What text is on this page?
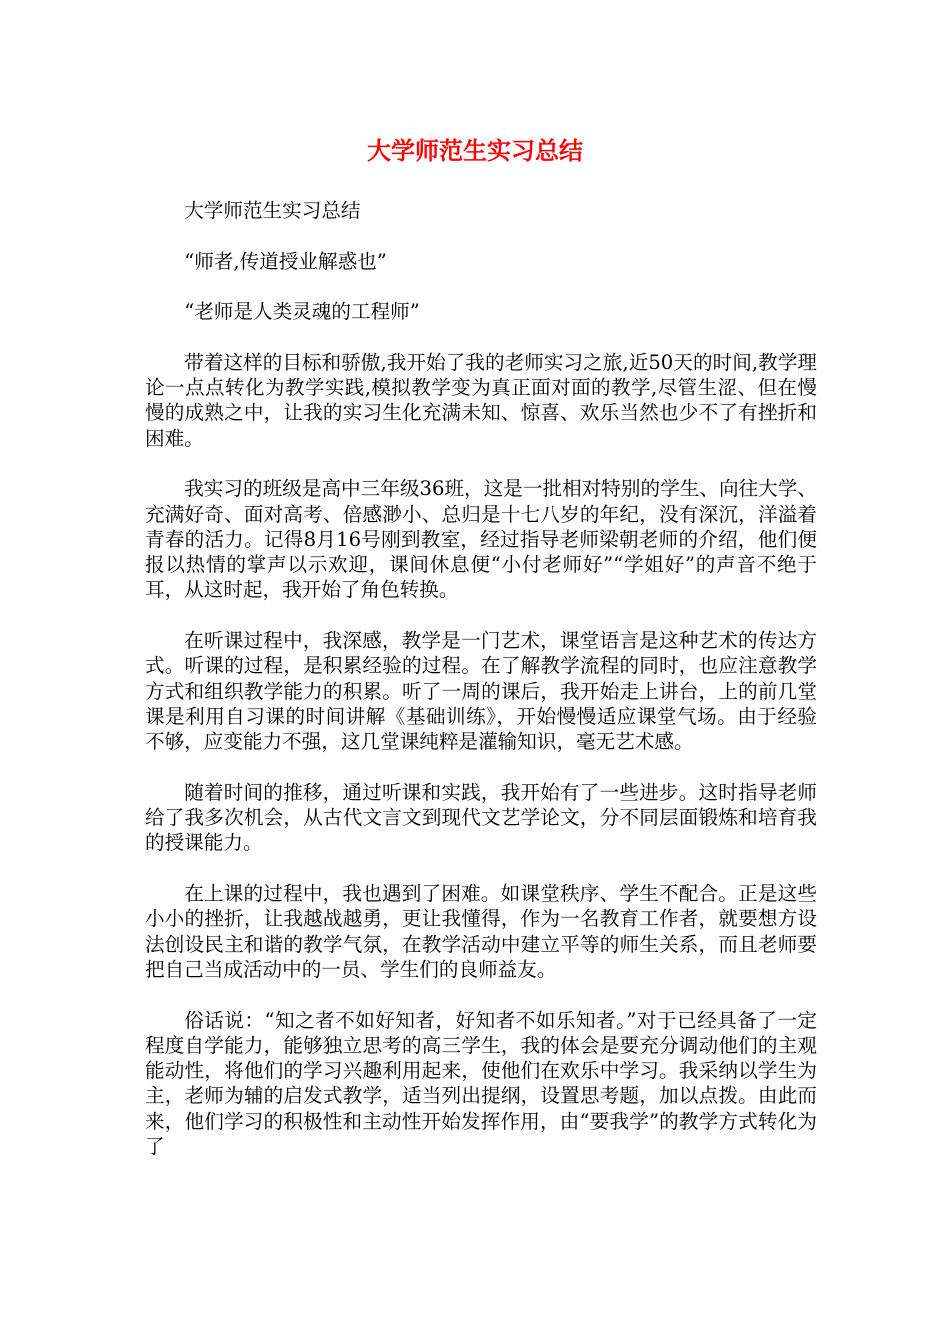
大学师范生实习总结

大学师范生实习总结

“师者,传道授业解惑也”

“老师是人类灵魂的工程师”

带着这样的目标和骄傲,我开始了我的老师实习之旅,近50天的时间,教学理论一点点转化为教学实践,模拟教学变为真正面对面的教学,尽管生涩、但在慢慢的成熟之中，让我的实习生化充满未知、惊喜、欢乐当然也少不了有挫折和困难。

我实习的班级是高中三年级36班，这是一批相对特别的学生、向往大学、充满好奇、面对高考、倍感渺小、总归是十七八岁的年纪，没有深沉，洋溢着青春的活力。记得8月16号刚到教室，经过指导老师梁朝老师的介绍，他们便报以热情的掌声以示欢迎，课间休息便“小付老师好”“学姐好”的声音不绝于耳，从这时起，我开始了角色转换。

在听课过程中，我深感，教学是一门艺术，课堂语言是这种艺术的传达方式。听课的过程，是积累经验的过程。在了解教学流程的同时，也应注意教学方式和组织教学能力的积累。听了一周的课后，我开始走上讲台，上的前几堂课是利用自习课的时间讲解《基础训练》，开始慢慢适应课堂气场。由于经验不够，应变能力不强，这几堂课纯粹是灌输知识，毫无艺术感。

随着时间的推移，通过听课和实践，我开始有了一些进步。这时指导老师给了我多次机会，从古代文言文到现代文艺学论文，分不同层面锻炼和培育我的授课能力。

在上课的过程中，我也遇到了困难。如课堂秩序、学生不配合。正是这些小小的挫折，让我越战越勇，更让我懂得，作为一名教育工作者，就要想方设法创设民主和谐的教学气氛，在教学活动中建立平等的师生关系，而且老师要把自己当成活动中的一员、学生们的良师益友。

俗话说：“知之者不如好知者，好知者不如乐知者。”对于已经具备了一定程度自学能力，能够独立思考的高三学生，我的体会是要充分调动他们的主观能动性，将他们的学习兴趣利用起来，使他们在欢乐中学习。我采纳以学生为主，老师为辅的启发式教学，适当列出提纲，设置思考题，加以点拨。由此而来，他们学习的积极性和主动性开始发挥作用，由“要我学”的教学方式转化为了
